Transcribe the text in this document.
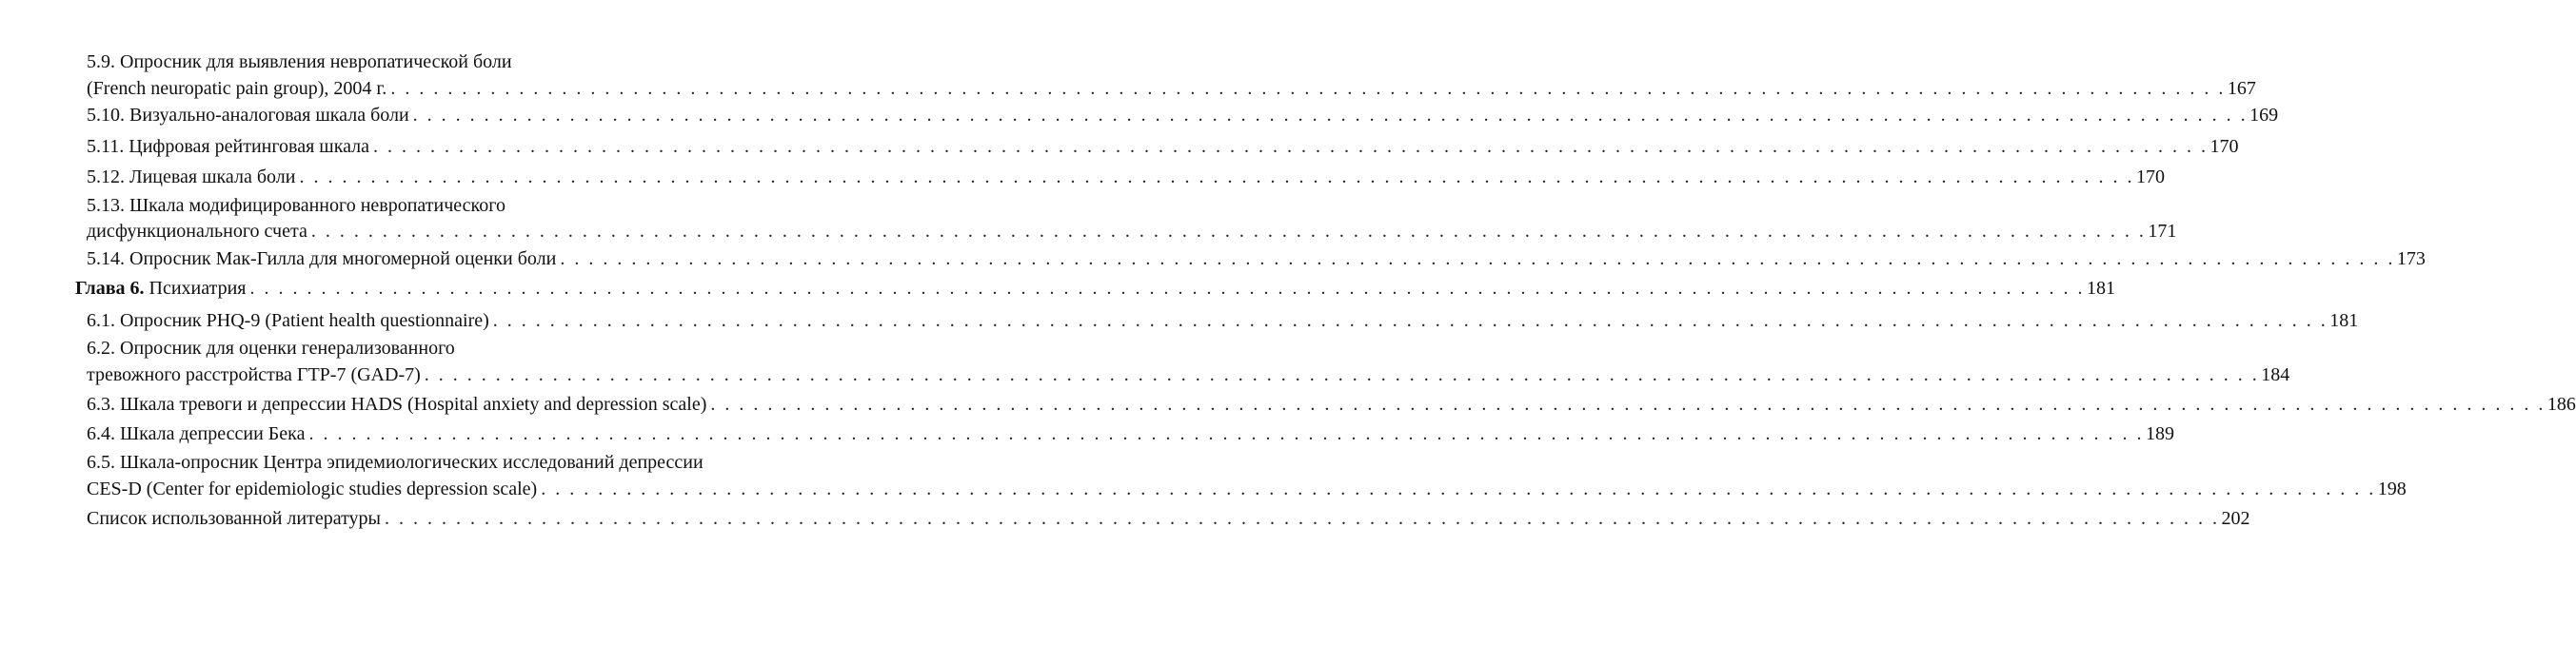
5.9. Опросник для выявления невропатической боли
(French neuropatic pain group), 2004 г. . . . . . . . . . . . . . . . . . . . . . . . . . . . . . . . . . . . . . . . . . . . . . . . . . . . . . . . . . . . . . . . . . . . . . . . . . . . . . . . . . . . . . . . . . . . . . . . . . . . . . . . . . . . . . . . . . . . . . . . . . . . . . . . . . 167
5.10. Визуально-аналоговая шкала боли . . . . . . . . . . . . . . . . . . . . . . . . . . . . . . . . . . . . . . . . . . . . . . . . . . . . . . . . . . . . . . . . . . . . . . . . . . . . . . . . . . . . . . . . . . . . . . . . . . . . . . . . . . . . . . . . . . . . . . . . . . . . . . . . . 169
5.11. Цифровая рейтинговая шкала . . . . . . . . . . . . . . . . . . . . . . . . . . . . . . . . . . . . . . . . . . . . . . . . . . . . . . . . . . . . . . . . . . . . . . . . . . . . . . . . . . . . . . . . . . . . . . . . . . . . . . . . . . . . . . . . . . . . . . . . . . . . . . . . . 170
5.12. Лицевая шкала боли . . . . . . . . . . . . . . . . . . . . . . . . . . . . . . . . . . . . . . . . . . . . . . . . . . . . . . . . . . . . . . . . . . . . . . . . . . . . . . . . . . . . . . . . . . . . . . . . . . . . . . . . . . . . . . . . . . . . . . . . . . . . . . . . . 170
5.13. Шкала модифицированного невропатического
дисфункционального счета . . . . . . . . . . . . . . . . . . . . . . . . . . . . . . . . . . . . . . . . . . . . . . . . . . . . . . . . . . . . . . . . . . . . . . . . . . . . . . . . . . . . . . . . . . . . . . . . . . . . . . . . . . . . . . . . . . . . . . . . . . . . . . . . . 171
5.14. Опросник Мак-Гилла для многомерной оценки боли . . . . . . . . . . . . . . . . . . . . . . . . . . . . . . . . . . . . . . . . . . . . . . . . . . . . . . . . . . . . . . . . . . . . . . . . . . . . . . . . . . . . . . . . . . . . . . . . . . . . . . . . . . . . . . . . . . . . . . . . . . . . . . . . . 173
Глава 6. Психиатрия . . . . . . . . . . . . . . . . . . . . . . . . . . . . . . . . . . . . . . . . . . . . . . . . . . . . . . . . . . . . . . . . . . . . . . . . . . . . . . . . . . . . . . . . . . . . . . . . . . . . . . . . . . . . . . . . . . . . . . . . . . . . . . . . . 181
6.1. Опросник PHQ-9 (Patient health questionnaire) . . . . . . . . . . . . . . . . . . . . . . . . . . . . . . . . . . . . . . . . . . . . . . . . . . . . . . . . . . . . . . . . . . . . . . . . . . . . . . . . . . . . . . . . . . . . . . . . . . . . . . . . . . . . . . . . . . . . . . . . . . . . . . . . . 181
6.2. Опросник для оценки генерализованного
тревожного расстройства ГТР-7 (GAD-7) . . . . . . . . . . . . . . . . . . . . . . . . . . . . . . . . . . . . . . . . . . . . . . . . . . . . . . . . . . . . . . . . . . . . . . . . . . . . . . . . . . . . . . . . . . . . . . . . . . . . . . . . . . . . . . . . . . . . . . . . . . . . . . . . . 184
6.3. Шкала тревоги и депрессии HADS (Hospital anxiety and depression scale) . . . . . . . . . . . . . . . . . . . . . . . . . . . . . . . . . . . . . . . . . . . . . . . . . . . . . . . . . . . . . . . . . . . . . . . . . . . . . . . . . . . . . . . . . . . . . . . . . . . . . . . . . . . . . . . . . . . . . . . . . . . . . . . . . 186
6.4. Шкала депрессии Бека . . . . . . . . . . . . . . . . . . . . . . . . . . . . . . . . . . . . . . . . . . . . . . . . . . . . . . . . . . . . . . . . . . . . . . . . . . . . . . . . . . . . . . . . . . . . . . . . . . . . . . . . . . . . . . . . . . . . . . . . . . . . . . . . . 189
6.5. Шкала-опросник Центра эпидемиологических исследований депрессии
CES-D (Center for epidemiologic studies depression scale) . . . . . . . . . . . . . . . . . . . . . . . . . . . . . . . . . . . . . . . . . . . . . . . . . . . . . . . . . . . . . . . . . . . . . . . . . . . . . . . . . . . . . . . . . . . . . . . . . . . . . . . . . . . . . . . . . . . . . . . . . . . . . . . . . 198
Список использованной литературы . . . . . . . . . . . . . . . . . . . . . . . . . . . . . . . . . . . . . . . . . . . . . . . . . . . . . . . . . . . . . . . . . . . . . . . . . . . . . . . . . . . . . . . . . . . . . . . . . . . . . . . . . . . . . . . . . . . . . . . . . . . . . . . . . 202
